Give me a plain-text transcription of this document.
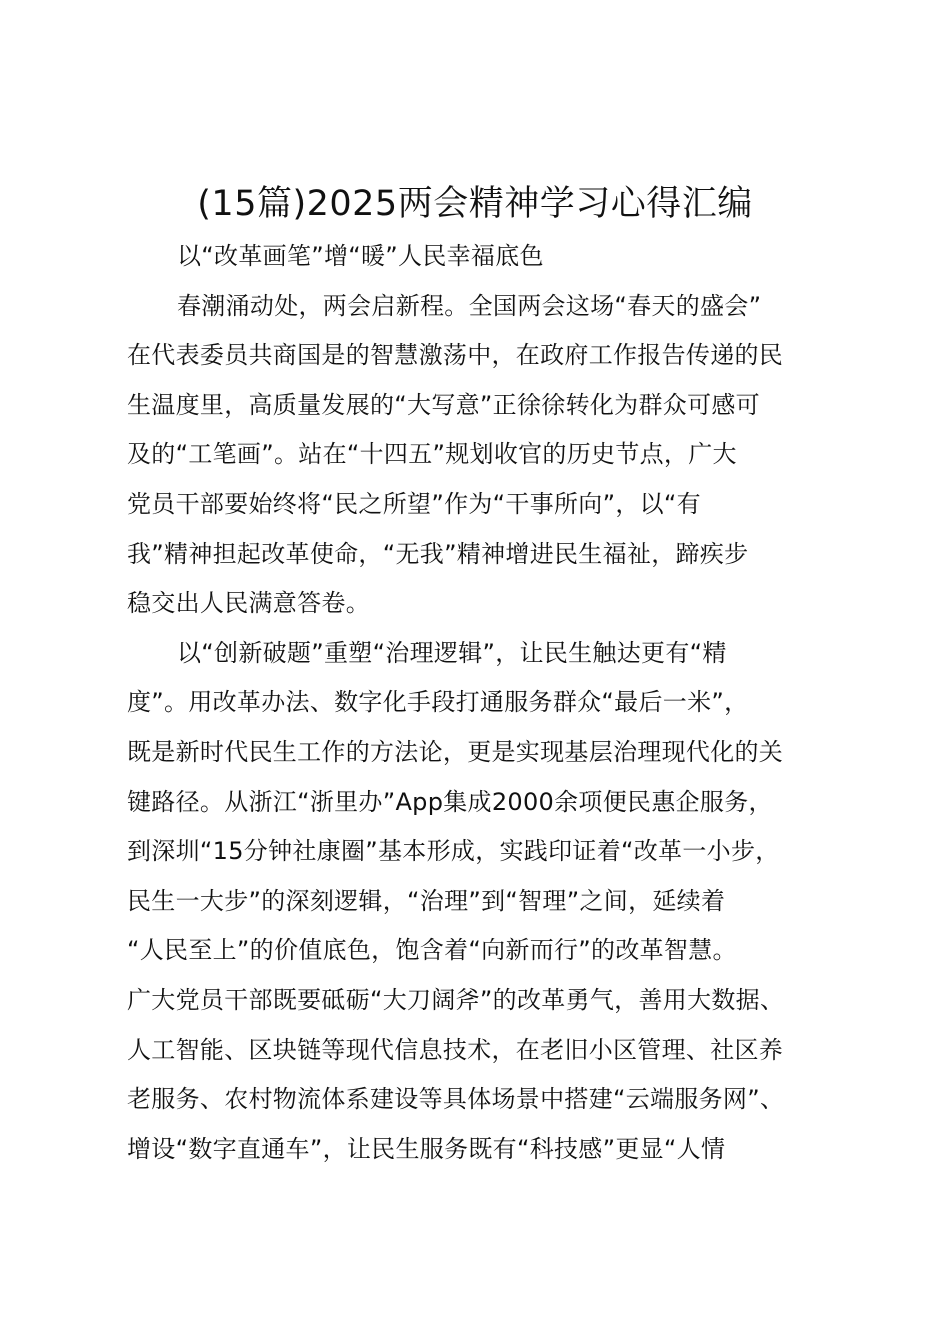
(15篇)2025两会精神学习心得汇编
以“改革画笔”增“暖”人民幸福底色
春潮涌动处，两会启新程。全国两会这场“春天的盛会”
在代表委员共商国是的智慧激荡中，在政府工作报告传递的民
生温度里，高质量发展的“大写意”正徐徐转化为群众可感可
及的“工笔画”。站在“十四五”规划收官的历史节点，广大
党员干部要始终将“民之所望”作为“干事所向”，以“有
我”精神担起改革使命，“无我”精神增进民生福祉，蹄疾步
稳交出人民满意答卷。
以“创新破题”重塑“治理逻辑”，让民生触达更有“精
度”。用改革办法、数字化手段打通服务群众“最后一米”，
既是新时代民生工作的方法论，更是实现基层治理现代化的关
键路径。从浙江“浙里办”App集成2000余项便民惠企服务，
到深圳“15分钟社康圈”基本形成，实践印证着“改革一小步，
民生一大步”的深刻逻辑，“治理”到“智理”之间，延续着
“人民至上”的价值底色，饱含着“向新而行”的改革智慧。
广大党员干部既要砥砺“大刀阔斧”的改革勇气，善用大数据、
人工智能、区块链等现代信息技术，在老旧小区管理、社区养
老服务、农村物流体系建设等具体场景中搭建“云端服务网”、
增设“数字直通车”，让民生服务既有“科技感”更显“人情
